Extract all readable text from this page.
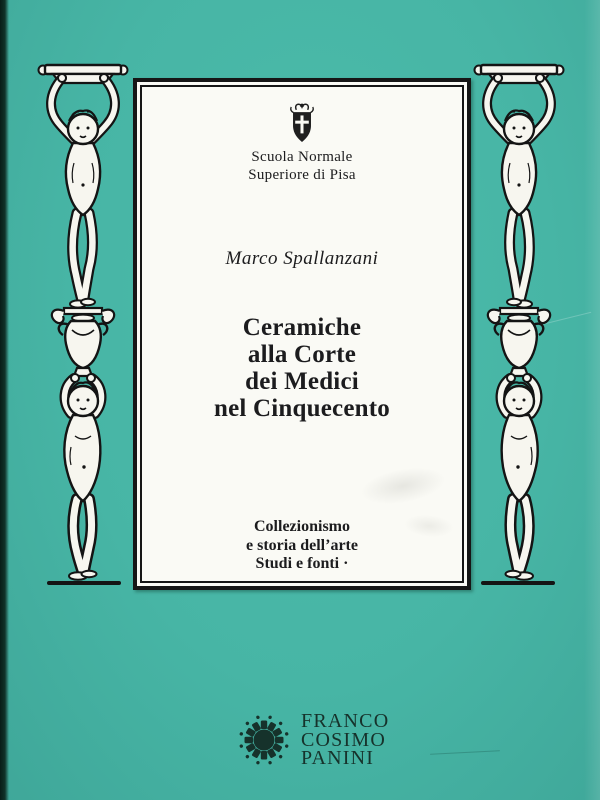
Scuola Normale
Superiore di Pisa
Marco Spallanzani
Ceramiche
alla Corte
dei Medici
nel Cinquecento
Collezionismo
e storia dell’arte
Studi e fonti ·
FRANCO
COSIMO
PANINI
